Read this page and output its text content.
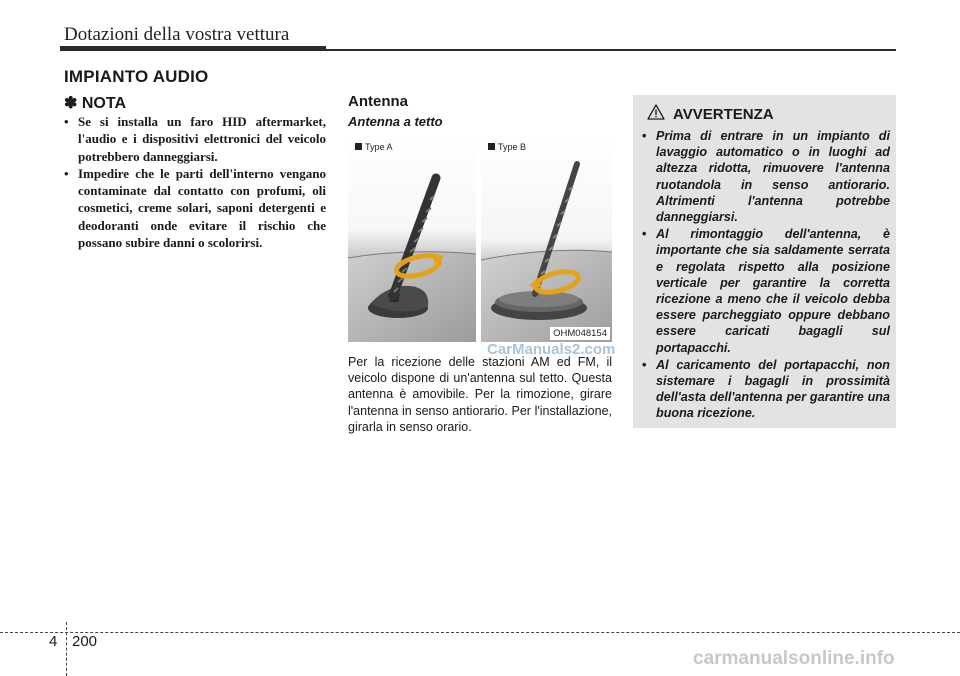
Dotazioni della vostra vettura
IMPIANTO AUDIO
✽ NOTA
• Se si installa un faro HID aftermarket, l'audio e i dispositivi elettronici del veicolo potrebbero danneggiarsi.
• Impedire che le parti dell'interno vengano contaminate dal contatto con profumi, oli cosmetici, creme solari, saponi detergenti e deodoranti onde evitare il rischio che possano subire danni o scolorirsi.
Antenna
Antenna a tetto
Type A	Type B
OHM048154
CarManuals2.com

Per la ricezione delle stazioni AM ed FM, il veicolo dispone di un'antenna sul tetto. Questa antenna è amovibile. Per la rimozione, girare l'antenna in senso antiorario. Per l'installazione, girarla in senso orario.

AVVERTENZA
• Prima di entrare in un impianto di lavaggio automatico o in luoghi ad altezza ridotta, rimuovere l'antenna ruotandola in senso antiorario. Altrimenti l'antenna potrebbe danneggiarsi.
• Al rimontaggio dell'antenna, è importante che sia saldamente serrata e regolata rispetto alla posizione verticale per garantire la corretta ricezione a meno che il veicolo debba essere parcheggiato oppure debbano essere caricati bagagli sul portapacchi.
• Al caricamento del portapacchi, non sistemare i bagagli in prossimità dell'asta dell'antenna per garantire una buona ricezione.
4 200
carmanualsonline.info
